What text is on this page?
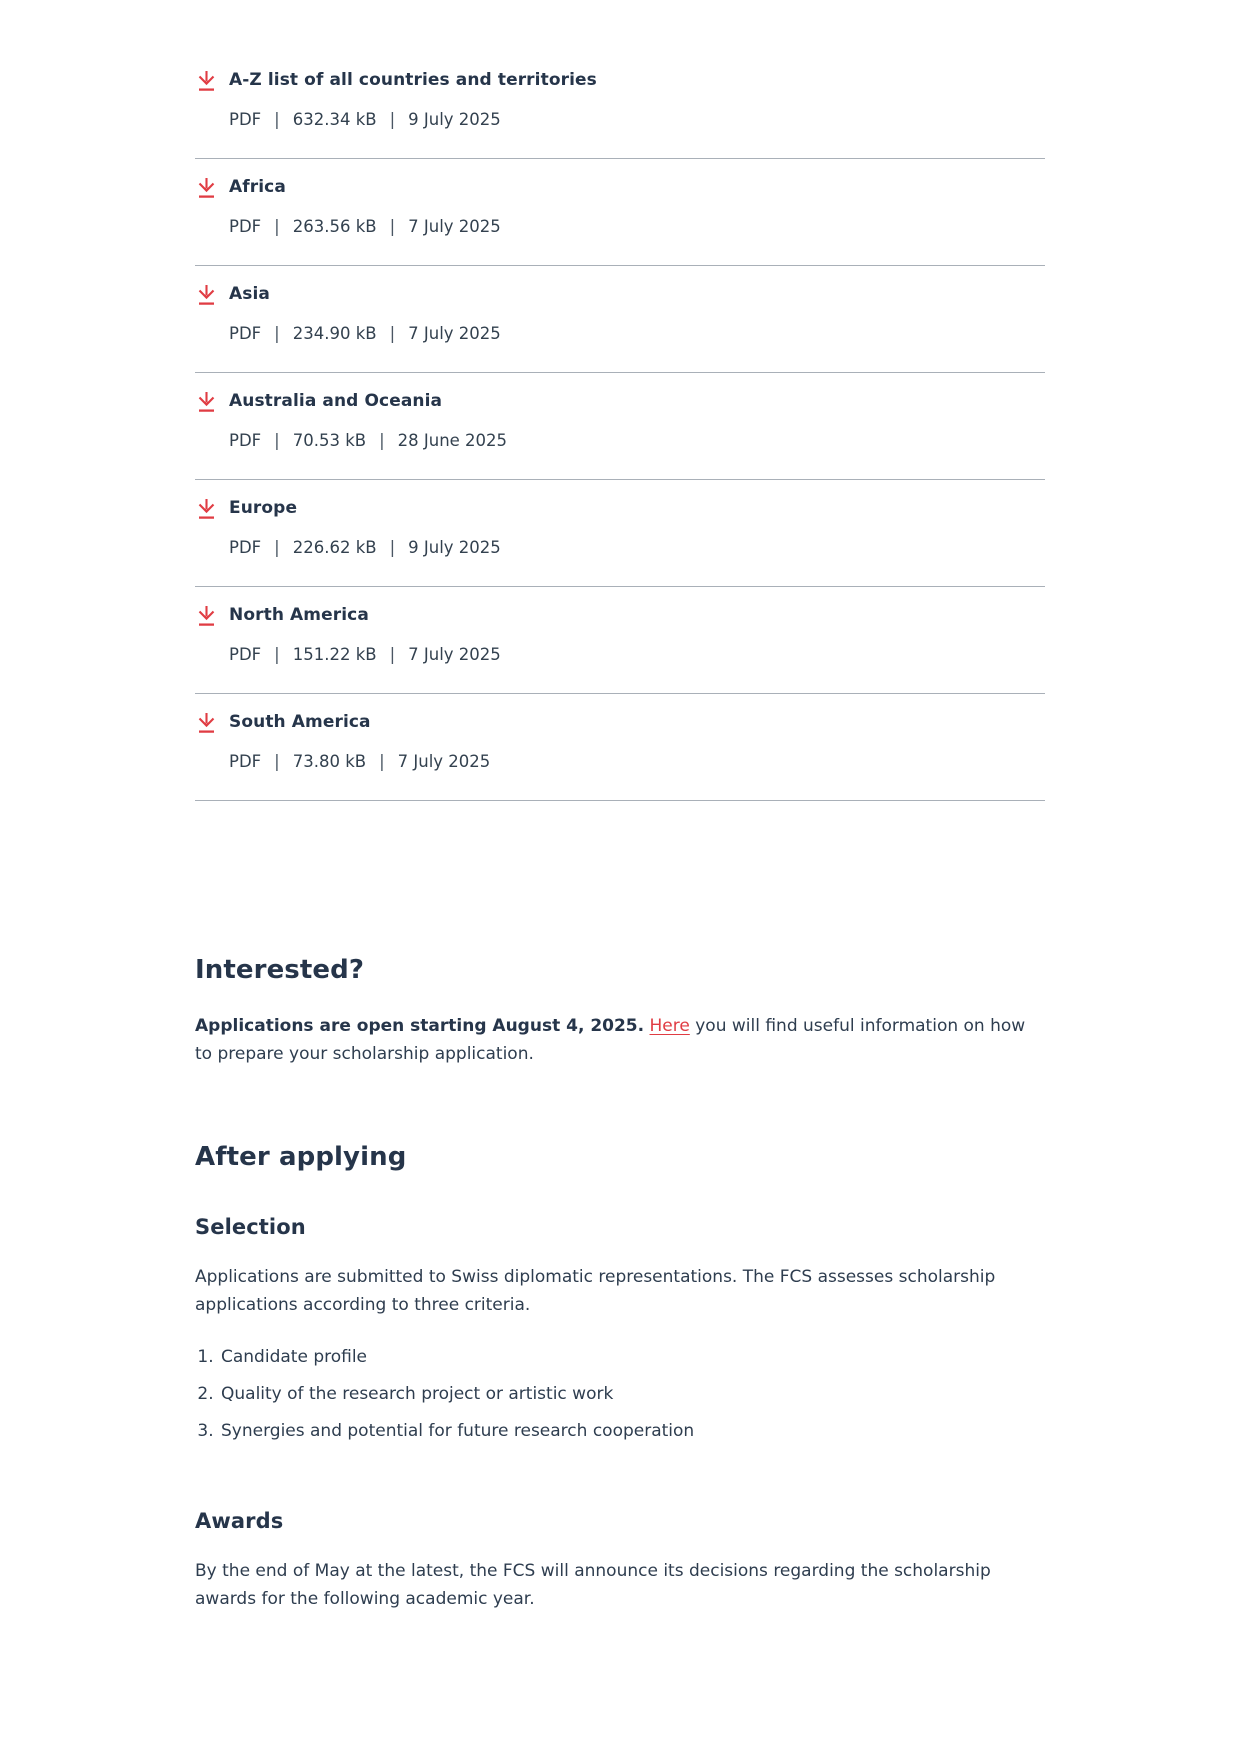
A-Z list of all countries and territories
PDF | 632.34 kB | 9 July 2025
Africa
PDF | 263.56 kB | 7 July 2025
Asia
PDF | 234.90 kB | 7 July 2025
Australia and Oceania
PDF | 70.53 kB | 28 June 2025
Europe
PDF | 226.62 kB | 9 July 2025
North America
PDF | 151.22 kB | 7 July 2025
South America
PDF | 73.80 kB | 7 July 2025
Interested?

Applications are open starting August 4, 2025. Here you will find useful information on how to prepare your scholarship application.

After applying
Selection

Applications are submitted to Swiss diplomatic representations. The FCS assesses scholarship applications according to three criteria.

1. Candidate profile
2. Quality of the research project or artistic work
3. Synergies and potential for future research cooperation
Awards

By the end of May at the latest, the FCS will announce its decisions regarding the scholarship awards for the following academic year.
